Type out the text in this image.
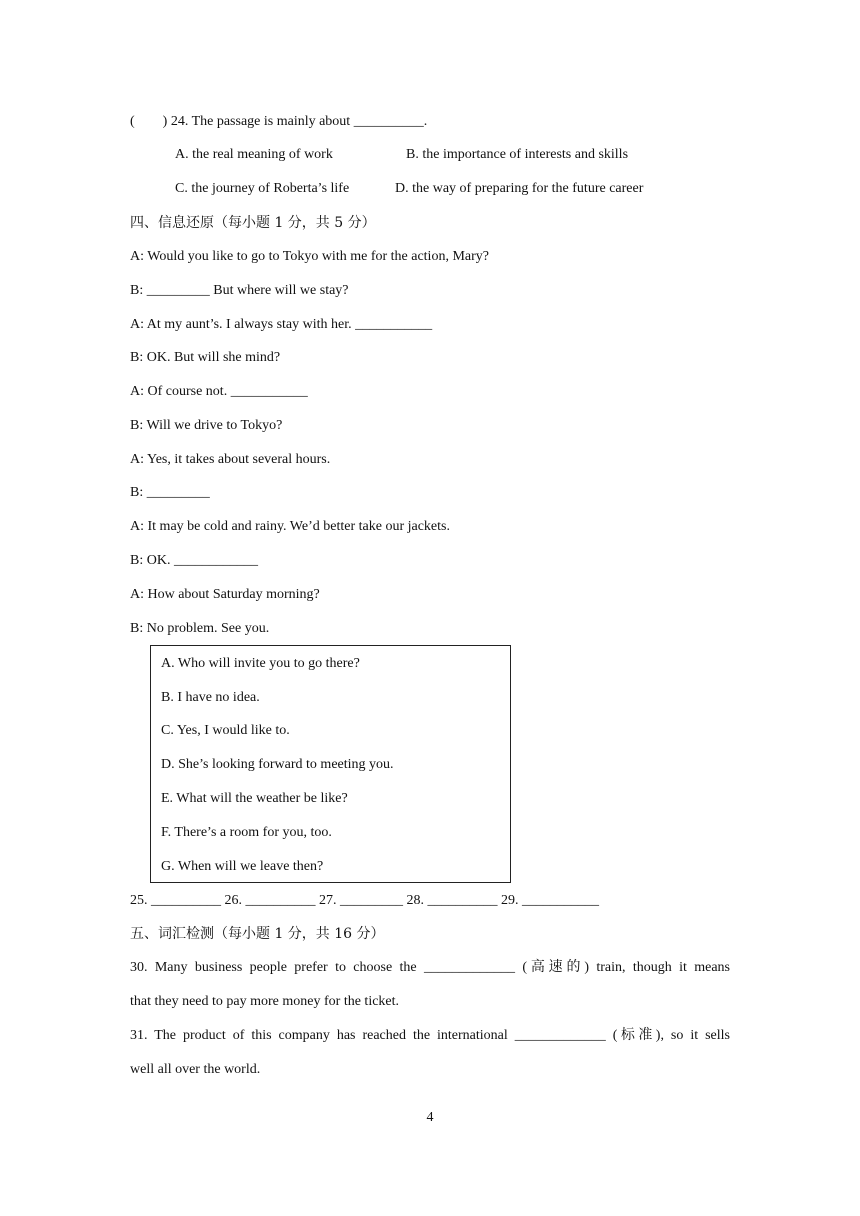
(        ) 24. The passage is mainly about __________.
A. the real meaning of work	B. the importance of interests and skills
C. the journey of Roberta’s life	D. the way of preparing for the future career
四、信息还原（每小题 1 分，共 5 分）
A: Would you like to go to Tokyo with me for the action, Mary?
B: _________ But where will we stay?
A: At my aunt’s. I always stay with her. ___________
B: OK. But will she mind?
A: Of course not. ___________
B: Will we drive to Tokyo?
A: Yes, it takes about several hours.
B: _________
A: It may be cold and rainy. We’d better take our jackets.
B: OK. ____________
A: How about Saturday morning?
B: No problem. See you.
A. Who will invite you to go there?
B. I have no idea.
C. Yes, I would like to.
D. She’s looking forward to meeting you.
E. What will the weather be like?
F. There’s a room for you, too.
G. When will we leave then?
25. __________ 26. __________ 27. _________ 28. __________ 29. ___________
五、词汇检测（每小题 1 分，共 16 分）
30. Many business people prefer to choose the _____________ (高速的) train, though it means
that they need to pay more money for the ticket.
31. The product of this company has reached the international _____________ (标准), so it sells
well all over the world.
4
